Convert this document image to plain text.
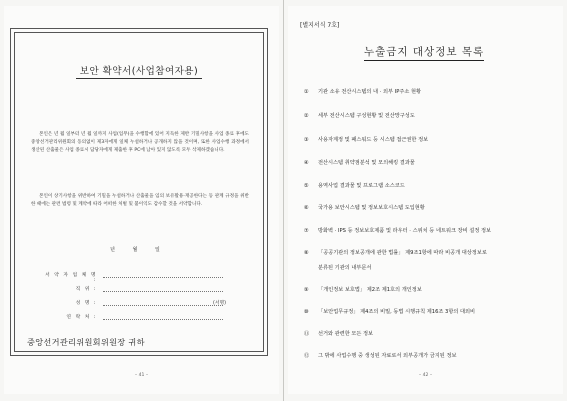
보안 확약서(사업참여자용)
본인은 년 월 일부터 년 월 일까지 사업(업무)을 수행함에 있어 지득한 제반 기밀사항을 사업 종료 후에도 중앙선거관리위원회의 동의없이 제3자에게 일체 누설하거나 공개하지 않을 것이며, 또한 사업수행 과정에서 생산된 산출물은 사업 종료시 담당자에게 제출한 후 PC에 남아 있지 않도록 모두 삭제하겠습니다.
본인이 상기사항을 위반하여 기밀을 누설하거나 산출물을 임의 보유활용·재공한다는 등 관계 규정을 위반한 때에는 관련 법령 및 계약에 따라 어떠한 처벌 및 불이익도 감수할 것을 서약합니다.
년 월 일
서 약 자 업 체 명 :
직 위 :
성 명 :	(서명)
연 락 처 :
중앙선거관리위원회위원장 귀하
– 41 –
[별지서식 7호]
누출금지 대상정보 목록
① 기관 소유 전산시스템의 내 · 외부 IP주소 현황
② 세부 전산시스템 구성현황 및 전산망구성도
③ 사용자계정 및 패스워드 등 시스템 접근권한 정보
④ 전산시스템 취약점분석 및 모의해킹 결과물
⑤ 용역사업 결과물 및 프로그램 소스코드
⑥ 국가용 보안시스템 및 정보보호시스템 도입현황
⑦ 방화벽 · IPS 등 정보보호제품 및 라우터 · 스위치 등 네트워크 장비 설정 정보
⑧ 「공공기관의 정보공개에 관한 법률」 제9조1항에 따라 비공개 대상정보로
분류된 기관의 내부문서
⑨ 「개인정보 보호법」 제2조 제1호의 개인정보
⑩ 「보안업무규정」 제4조의 비밀, 동법 시행규칙 제16조 3항의 대외비
⑪ 선거와 관련한 모든 정보
⑫ 그 밖에 사업수행 중 생성된 자료로서 외부공개가 금지된 정보
– 42 –
